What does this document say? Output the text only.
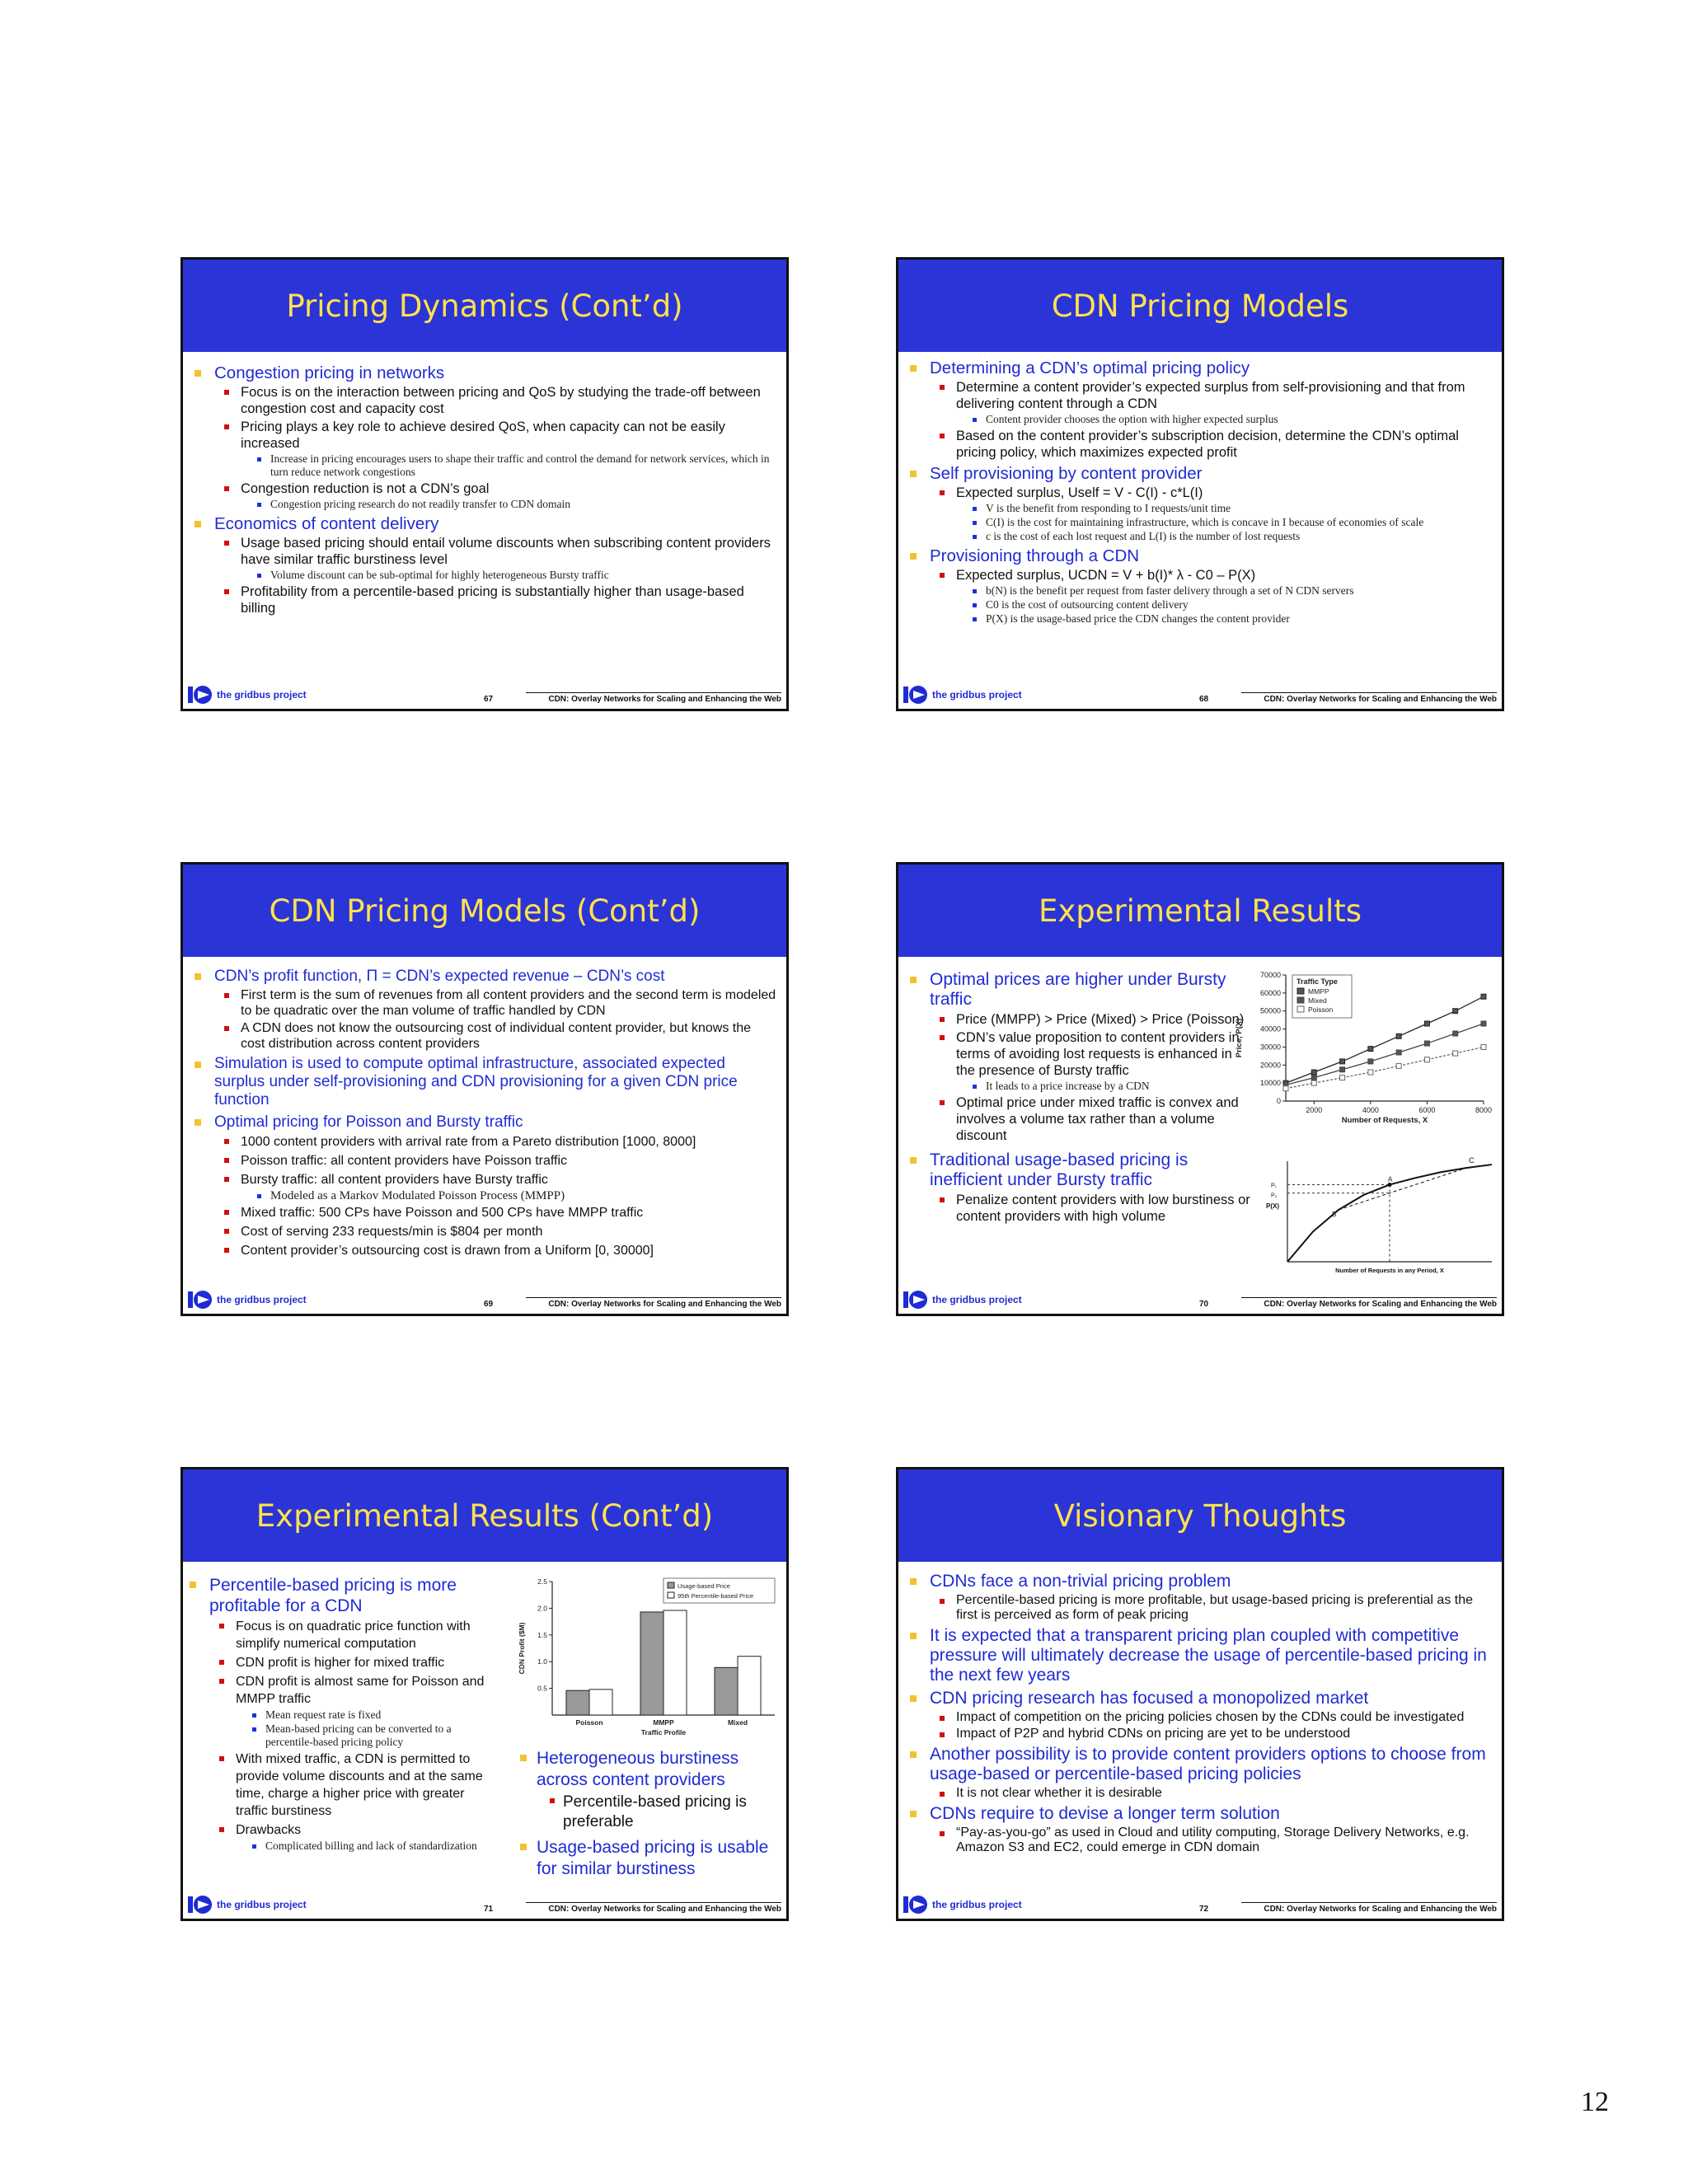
Pricing Dynamics (Cont’d)
Congestion pricing in networks
Focus is on the interaction between pricing and QoS by studying the trade-off between congestion cost and capacity cost
Pricing plays a key role to achieve desired QoS, when capacity can not be easily increased
Increase in pricing encourages users to shape their traffic and control the demand for network services, which in turn reduce network congestions
Congestion reduction is not a CDN’s goal
Congestion pricing research do not readily transfer to CDN domain
Economics of content delivery
Usage based pricing should entail volume discounts when subscribing content providers have similar traffic burstiness level
Volume discount can be sub-optimal for highly heterogeneous Bursty traffic
Profitability from a percentile-based pricing is substantially higher than usage-based billing
the gridbus project	67	CDN: Overlay Networks for Scaling and Enhancing the Web
CDN Pricing Models
Determining a CDN’s optimal pricing policy
Determine a content provider’s expected surplus from self-provisioning and that from delivering content through a CDN
Content provider chooses the option with higher expected surplus
Based on the content provider’s subscription decision, determine the CDN’s optimal pricing policy, which maximizes expected profit
Self provisioning by content provider
Expected surplus, Uself = V - C(I) - c*L(I)
V is the benefit from responding to I requests/unit time
C(I) is the cost for maintaining infrastructure, which is concave in I because of economies of scale
c is the cost of each lost request and L(I) is the number of lost requests
Provisioning through a CDN
Expected surplus, UCDN = V + b(I)* λ - C0 – P(X)
b(N) is the benefit per request from faster delivery through a set of N CDN servers
C0 is the cost of outsourcing content delivery
P(X) is the usage-based price the CDN changes the content provider
the gridbus project	68	CDN: Overlay Networks for Scaling and Enhancing the Web
CDN Pricing Models (Cont’d)
CDN’s profit function, Π = CDN’s expected revenue – CDN’s cost
First term is the sum of revenues from all content providers and the second term is modeled to be quadratic over the man volume of traffic handled by CDN
A CDN does not know the outsourcing cost of individual content provider, but knows the cost distribution across content providers
Simulation is used to compute optimal infrastructure, associated expected surplus under self-provisioning and CDN provisioning for a given CDN price function
Optimal pricing for Poisson and Bursty traffic
1000 content providers with arrival rate from a Pareto distribution [1000, 8000]
Poisson traffic: all content providers have Poisson traffic
Bursty traffic: all content providers have Bursty traffic
Modeled as a Markov Modulated Poisson Process (MMPP)
Mixed traffic: 500 CPs have Poisson and 500 CPs have MMPP traffic
Cost of serving 233 requests/min is $804 per month
Content provider’s outsourcing cost is drawn from a Uniform [0, 30000]
the gridbus project	69	CDN: Overlay Networks for Scaling and Enhancing the Web
Experimental Results
Optimal prices are higher under Bursty traffic
Price (MMPP) > Price (Mixed) > Price (Poisson)
CDN’s value proposition to content providers in terms of avoiding lost requests is enhanced in the presence of Bursty traffic
It leads to a price increase by a CDN
Optimal price under mixed traffic is convex and involves a volume tax rather than a volume discount
Traditional usage-based pricing is inefficient under Bursty traffic
Penalize content providers with low burstiness or content providers with high volume
0
10000
20000
30000
40000
50000
60000
70000
2000	4000	6000	8000
Number of Requests, X
Price, P(X)
Traffic Type
MMPP
Mixed
Poisson
C
A
B
P₁
P₂
P(X)
Number of Requests in any Period, X
the gridbus project	70	CDN: Overlay Networks for Scaling and Enhancing the Web
Experimental Results (Cont’d)
Percentile-based pricing is more profitable for a CDN
Focus is on quadratic price function with simplify numerical computation
CDN profit is higher for mixed traffic
CDN profit is almost same for Poisson and MMPP traffic
Mean request rate is fixed
Mean-based pricing can be converted to a percentile-based pricing policy
With mixed traffic, a CDN is permitted to provide volume discounts and at the same time, charge a higher price with greater traffic burstiness
Drawbacks
Complicated billing and lack of standardization
0.5
1.0
1.5
2.0
2.5
CDN Profit ($M)
Poisson	MMPP	Mixed
Traffic Profile
Usage-based Price
95th Percentile-based Price
Heterogeneous burstiness across content providers
Percentile-based pricing is preferable
Usage-based pricing is usable for similar burstiness
the gridbus project	71	CDN: Overlay Networks for Scaling and Enhancing the Web
Visionary Thoughts
CDNs face a non-trivial pricing problem
Percentile-based pricing is more profitable, but usage-based pricing is preferential as the first is perceived as form of peak pricing
It is expected that a transparent pricing plan coupled with competitive pressure will ultimately decrease the usage of percentile-based pricing in the next few years
CDN pricing research has focused a monopolized market
Impact of competition on the pricing policies chosen by the CDNs could be investigated
Impact of P2P and hybrid CDNs on pricing are yet to be understood
Another possibility is to provide content providers options to choose from usage-based or percentile-based pricing policies
It is not clear whether it is desirable
CDNs require to devise a longer term solution
“Pay-as-you-go” as used in Cloud and utility computing, Storage Delivery Networks, e.g. Amazon S3 and EC2, could emerge in CDN domain
the gridbus project	72	CDN: Overlay Networks for Scaling and Enhancing the Web
12
